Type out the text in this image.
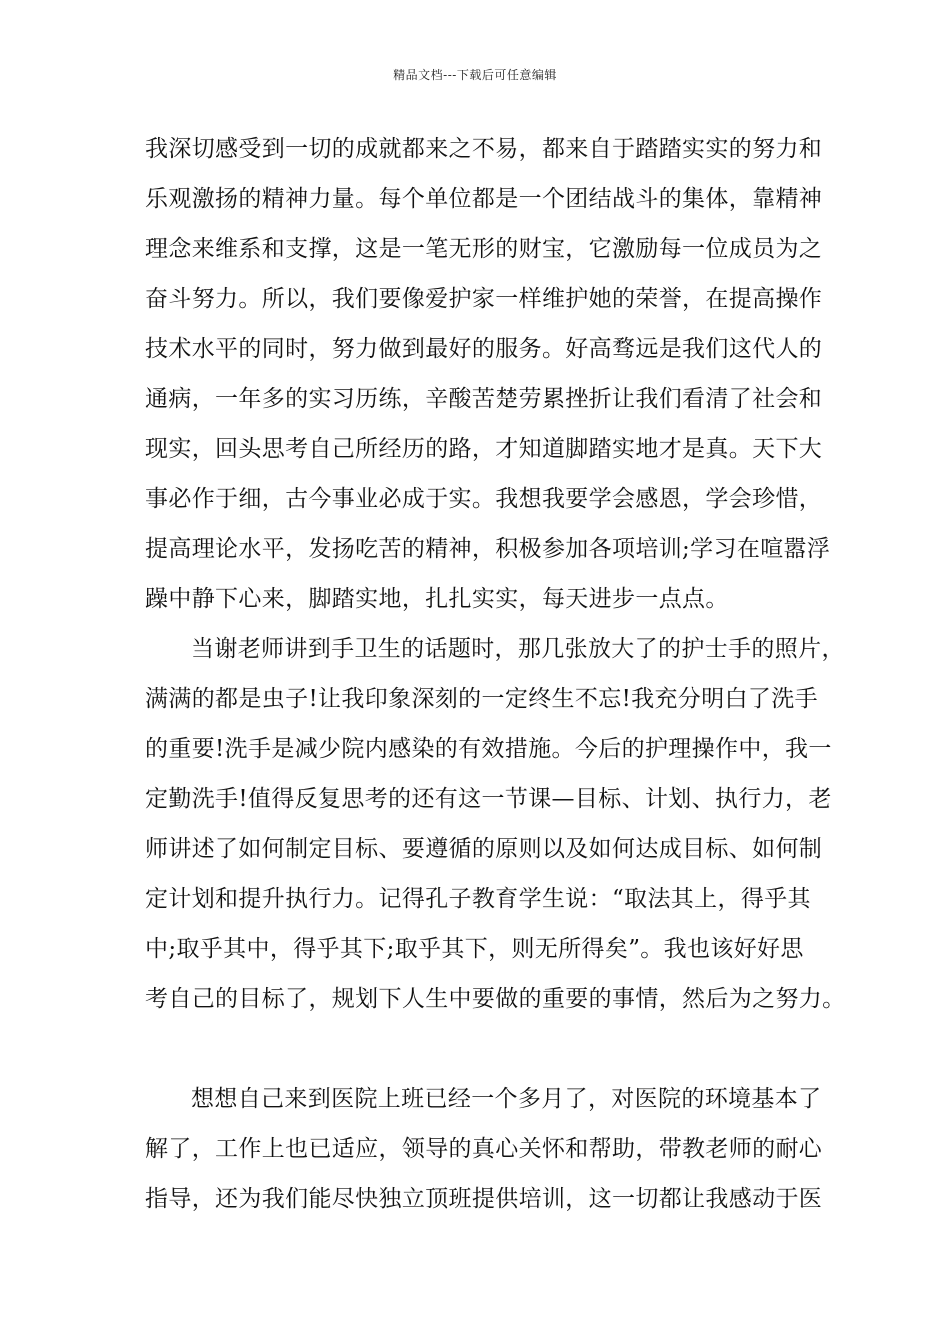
精品文档---下载后可任意编辑
我深切感受到一切的成就都来之不易，都来自于踏踏实实的努力和
乐观激扬的精神力量。每个单位都是一个团结战斗的集体，靠精神
理念来维系和支撑，这是一笔无形的财宝，它激励每一位成员为之
奋斗努力。所以，我们要像爱护家一样维护她的荣誉，在提高操作
技术水平的同时，努力做到最好的服务。好高骛远是我们这代人的
通病，一年多的实习历练，辛酸苦楚劳累挫折让我们看清了社会和
现实，回头思考自己所经历的路，才知道脚踏实地才是真。天下大
事必作于细，古今事业必成于实。我想我要学会感恩，学会珍惜，
提高理论水平，发扬吃苦的精神，积极参加各项培训;学习在喧嚣浮
躁中静下心来，脚踏实地，扎扎实实，每天进步一点点。
当谢老师讲到手卫生的话题时，那几张放大了的护士手的照片，
满满的都是虫子!让我印象深刻的一定终生不忘!我充分明白了洗手
的重要!洗手是减少院内感染的有效措施。今后的护理操作中，我一
定勤洗手!值得反复思考的还有这一节课—目标、计划、执行力，老
师讲述了如何制定目标、要遵循的原则以及如何达成目标、如何制
定计划和提升执行力。记得孔子教育学生说：“取法其上，得乎其
中;取乎其中，得乎其下;取乎其下，则无所得矣”。我也该好好思
考自己的目标了，规划下人生中要做的重要的事情，然后为之努力。
想想自己来到医院上班已经一个多月了，对医院的环境基本了
解了，工作上也已适应，领导的真心关怀和帮助，带教老师的耐心
指导，还为我们能尽快独立顶班提供培训，这一切都让我感动于医
